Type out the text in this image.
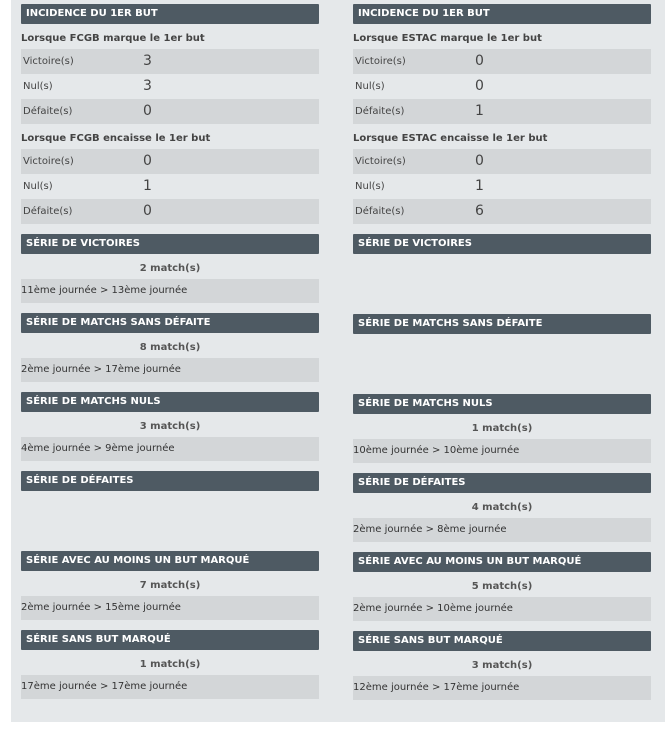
INCIDENCE DU 1ER BUT
Lorsque FCGB marque le 1er but
Victoire(s)	3
Nul(s)	3
Défaite(s)	0
Lorsque FCGB encaisse le 1er but
Victoire(s)	0
Nul(s)	1
Défaite(s)	0
SÉRIE DE VICTOIRES
2 match(s)
11ème journée > 13ème journée
SÉRIE DE MATCHS SANS DÉFAITE
8 match(s)
2ème journée > 17ème journée
SÉRIE DE MATCHS NULS
3 match(s)
4ème journée > 9ème journée
SÉRIE DE DÉFAITES
SÉRIE AVEC AU MOINS UN BUT MARQUÉ
7 match(s)
2ème journée > 15ème journée
SÉRIE SANS BUT MARQUÉ
1 match(s)
17ème journée > 17ème journée
INCIDENCE DU 1ER BUT
Lorsque ESTAC marque le 1er but
Victoire(s)	0
Nul(s)	0
Défaite(s)	1
Lorsque ESTAC encaisse le 1er but
Victoire(s)	0
Nul(s)	1
Défaite(s)	6
SÉRIE DE VICTOIRES
SÉRIE DE MATCHS SANS DÉFAITE
SÉRIE DE MATCHS NULS
1 match(s)
10ème journée > 10ème journée
SÉRIE DE DÉFAITES
4 match(s)
2ème journée > 8ème journée
SÉRIE AVEC AU MOINS UN BUT MARQUÉ
5 match(s)
2ème journée > 10ème journée
SÉRIE SANS BUT MARQUÉ
3 match(s)
12ème journée > 17ème journée
